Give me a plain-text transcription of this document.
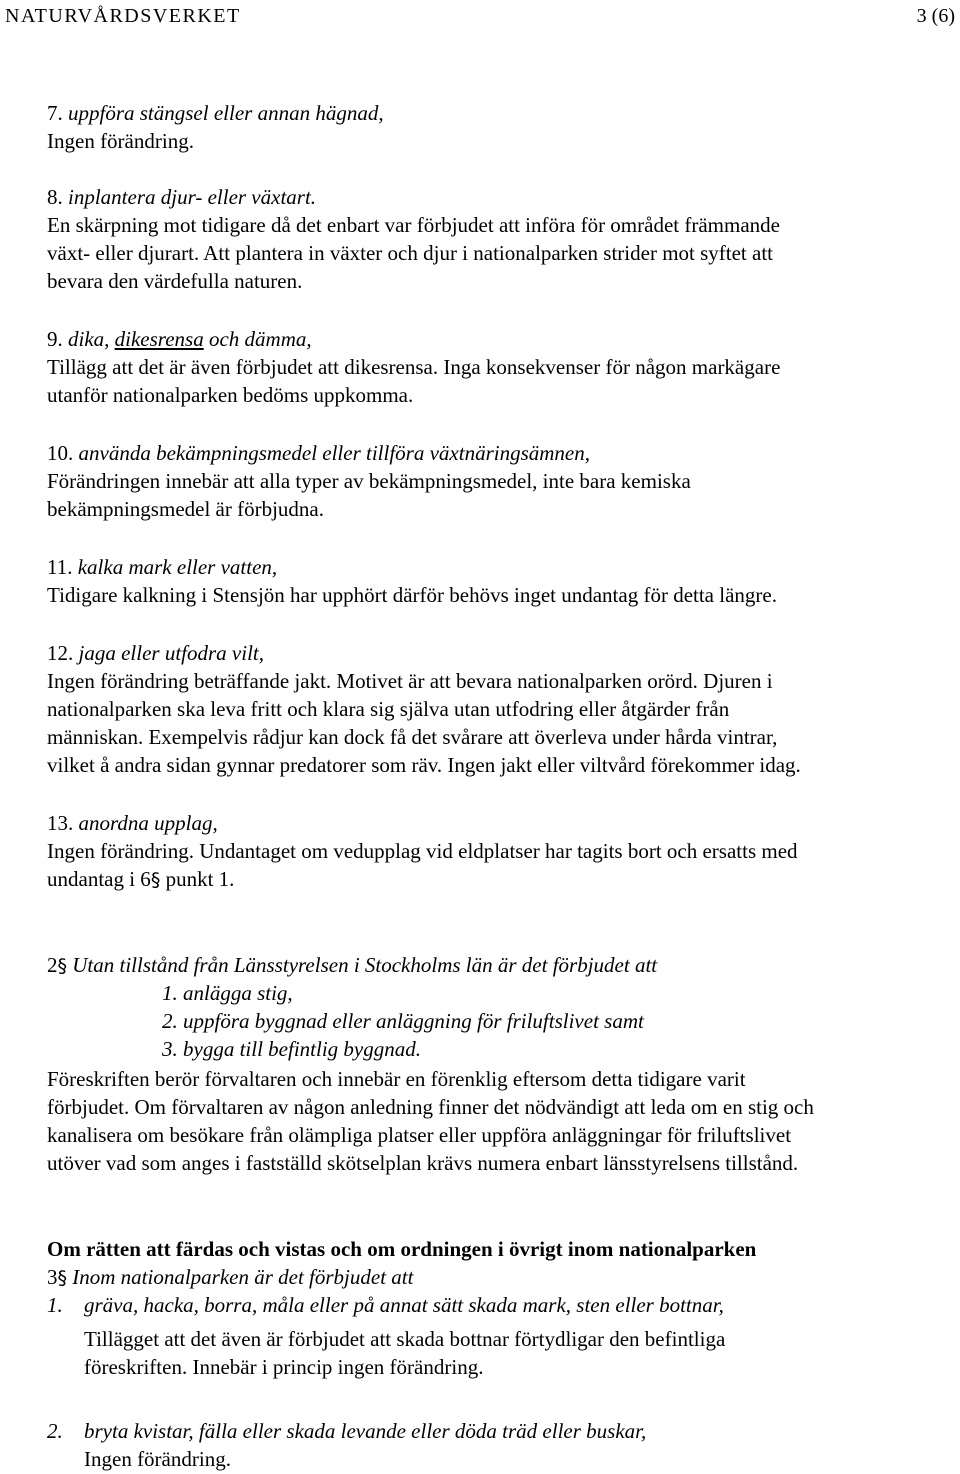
NATURVÅRDSVERKET	3 (6)
7. uppföra stängsel eller annan hägnad,
Ingen förändring.
8. inplantera djur- eller växtart.
En skärpning mot tidigare då det enbart var förbjudet att införa för området främmande
växt- eller djurart. Att plantera in växter och djur i nationalparken strider mot syftet att
bevara den värdefulla naturen.
9. dika, dikesrensa och dämma,
Tillägg att det är även förbjudet att dikesrensa. Inga konsekvenser för någon markägare
utanför nationalparken bedöms uppkomma.
10. använda bekämpningsmedel eller tillföra växtnäringsämnen,
Förändringen innebär att alla typer av bekämpningsmedel, inte bara kemiska
bekämpningsmedel är förbjudna.
11. kalka mark eller vatten,
Tidigare kalkning i Stensjön har upphört därför behövs inget undantag för detta längre.
12. jaga eller utfodra vilt,
Ingen förändring beträffande jakt. Motivet är att bevara nationalparken orörd. Djuren i
nationalparken ska leva fritt och klara sig själva utan utfodring eller åtgärder från
människan. Exempelvis rådjur kan dock få det svårare att överleva under hårda vintrar,
vilket å andra sidan gynnar predatorer som räv. Ingen jakt eller viltvård förekommer idag.
13. anordna upplag,
Ingen förändring. Undantaget om vedupplag vid eldplatser har tagits bort och ersatts med
undantag i 6§ punkt 1.
2§ Utan tillstånd från Länsstyrelsen i Stockholms län är det förbjudet att
1. anlägga stig,
2. uppföra byggnad eller anläggning för friluftslivet samt
3. bygga till befintlig byggnad.
Föreskriften berör förvaltaren och innebär en förenklig eftersom detta tidigare varit
förbjudet. Om förvaltaren av någon anledning finner det nödvändigt att leda om en stig och
kanalisera om besökare från olämpliga platser eller uppföra anläggningar för friluftslivet
utöver vad som anges i fastställd skötselplan krävs numera enbart länsstyrelsens tillstånd.
Om rätten att färdas och vistas och om ordningen i övrigt inom nationalparken
3§ Inom nationalparken är det förbjudet att
1. gräva, hacka, borra, måla eller på annat sätt skada mark, sten eller bottnar,
Tillägget att det även är förbjudet att skada bottnar förtydligar den befintliga
föreskriften. Innebär i princip ingen förändring.
2. bryta kvistar, fälla eller skada levande eller döda träd eller buskar,
Ingen förändring.
